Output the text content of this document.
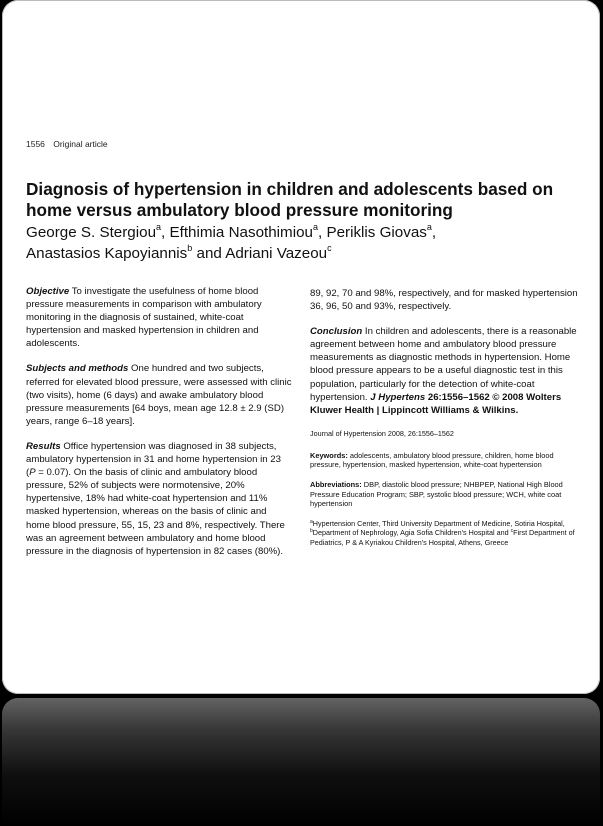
1556 Original article
Diagnosis of hypertension in children and adolescents based on home versus ambulatory blood pressure monitoring

George S. Stergiou$^a$, Efthimia Nasothimiou$^a$, Periklis Giovas$^a$,
Anastasios Kapoyiannis$^b$ and Adriani Vazeou$^c$

Objective To investigate the usefulness of home blood pressure measurements in comparison with ambulatory monitoring in the diagnosis of sustained, white-coat hypertension and masked hypertension in children and adolescents.

Subjects and methods One hundred and two subjects, referred for elevated blood pressure, were assessed with clinic (two visits), home (6 days) and awake ambulatory blood pressure measurements [64 boys, mean age 12.8 ± 2.9 (SD) years, range 6–18 years].

Results Office hypertension was diagnosed in 38 subjects, ambulatory hypertension in 31 and home hypertension in 23 (P = 0.07). On the basis of clinic and ambulatory blood pressure, 52% of subjects were normotensive, 20% hypertensive, 18% had white-coat hypertension and 11% masked hypertension, whereas on the basis of clinic and home blood pressure, 55, 15, 23 and 8%, respectively. There was an agreement between ambulatory and home blood pressure in the diagnosis of hypertension in 82 cases (80%).

89, 92, 70 and 98%, respectively, and for masked hypertension 36, 96, 50 and 93%, respectively.

Conclusion In children and adolescents, there is a reasonable agreement between home and ambulatory blood pressure measurements as diagnostic methods in hypertension. Home blood pressure appears to be a useful diagnostic test in this population, particularly for the detection of white-coat hypertension. J Hypertens 26:1556–1562 © 2008 Wolters Kluwer Health | Lippincott Williams & Wilkins.

Journal of Hypertension 2008, 26:1556–1562

Keywords: adolescents, ambulatory blood pressure, children, home blood pressure, hypertension, masked hypertension, white-coat hypertension

Abbreviations: DBP, diastolic blood pressure; NHBPEP, National High Blood Pressure Education Program; SBP, systolic blood pressure; WCH, white coat hypertension

$^a$Hypertension Center, Third University Department of Medicine, Sotiria Hospital,
$^b$Department of Nephrology, Agia Sofia Children's Hospital and $^c$First Department of Pediatrics, P & A Kyriakou Children's Hospital, Athens, Greece
